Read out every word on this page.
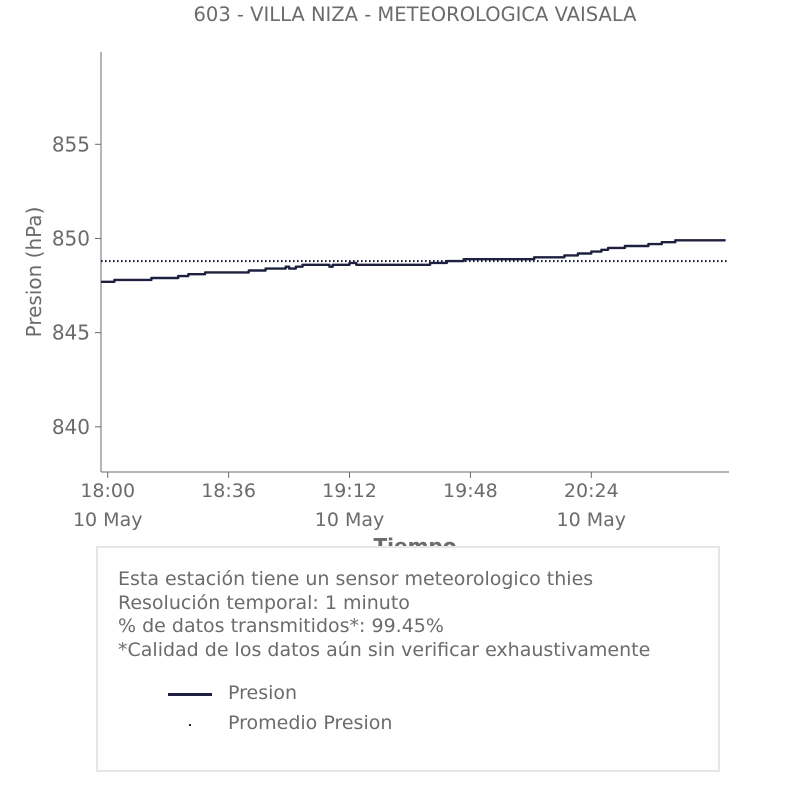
603 - VILLA NIZA - METEOROLOGICA VAISALA
840
845
850
855
18:00
10 May
18:36	19:12
10 May
19:48	20:24
10 May
Presion (hPa)
Esta estación tiene un sensor meteorologico thies
Resolución temporal: 1 minuto
% de datos transmitidos*: 99.45%
*Calidad de los datos aún sin verificar exhaustivamente
Presion
Promedio Presion
